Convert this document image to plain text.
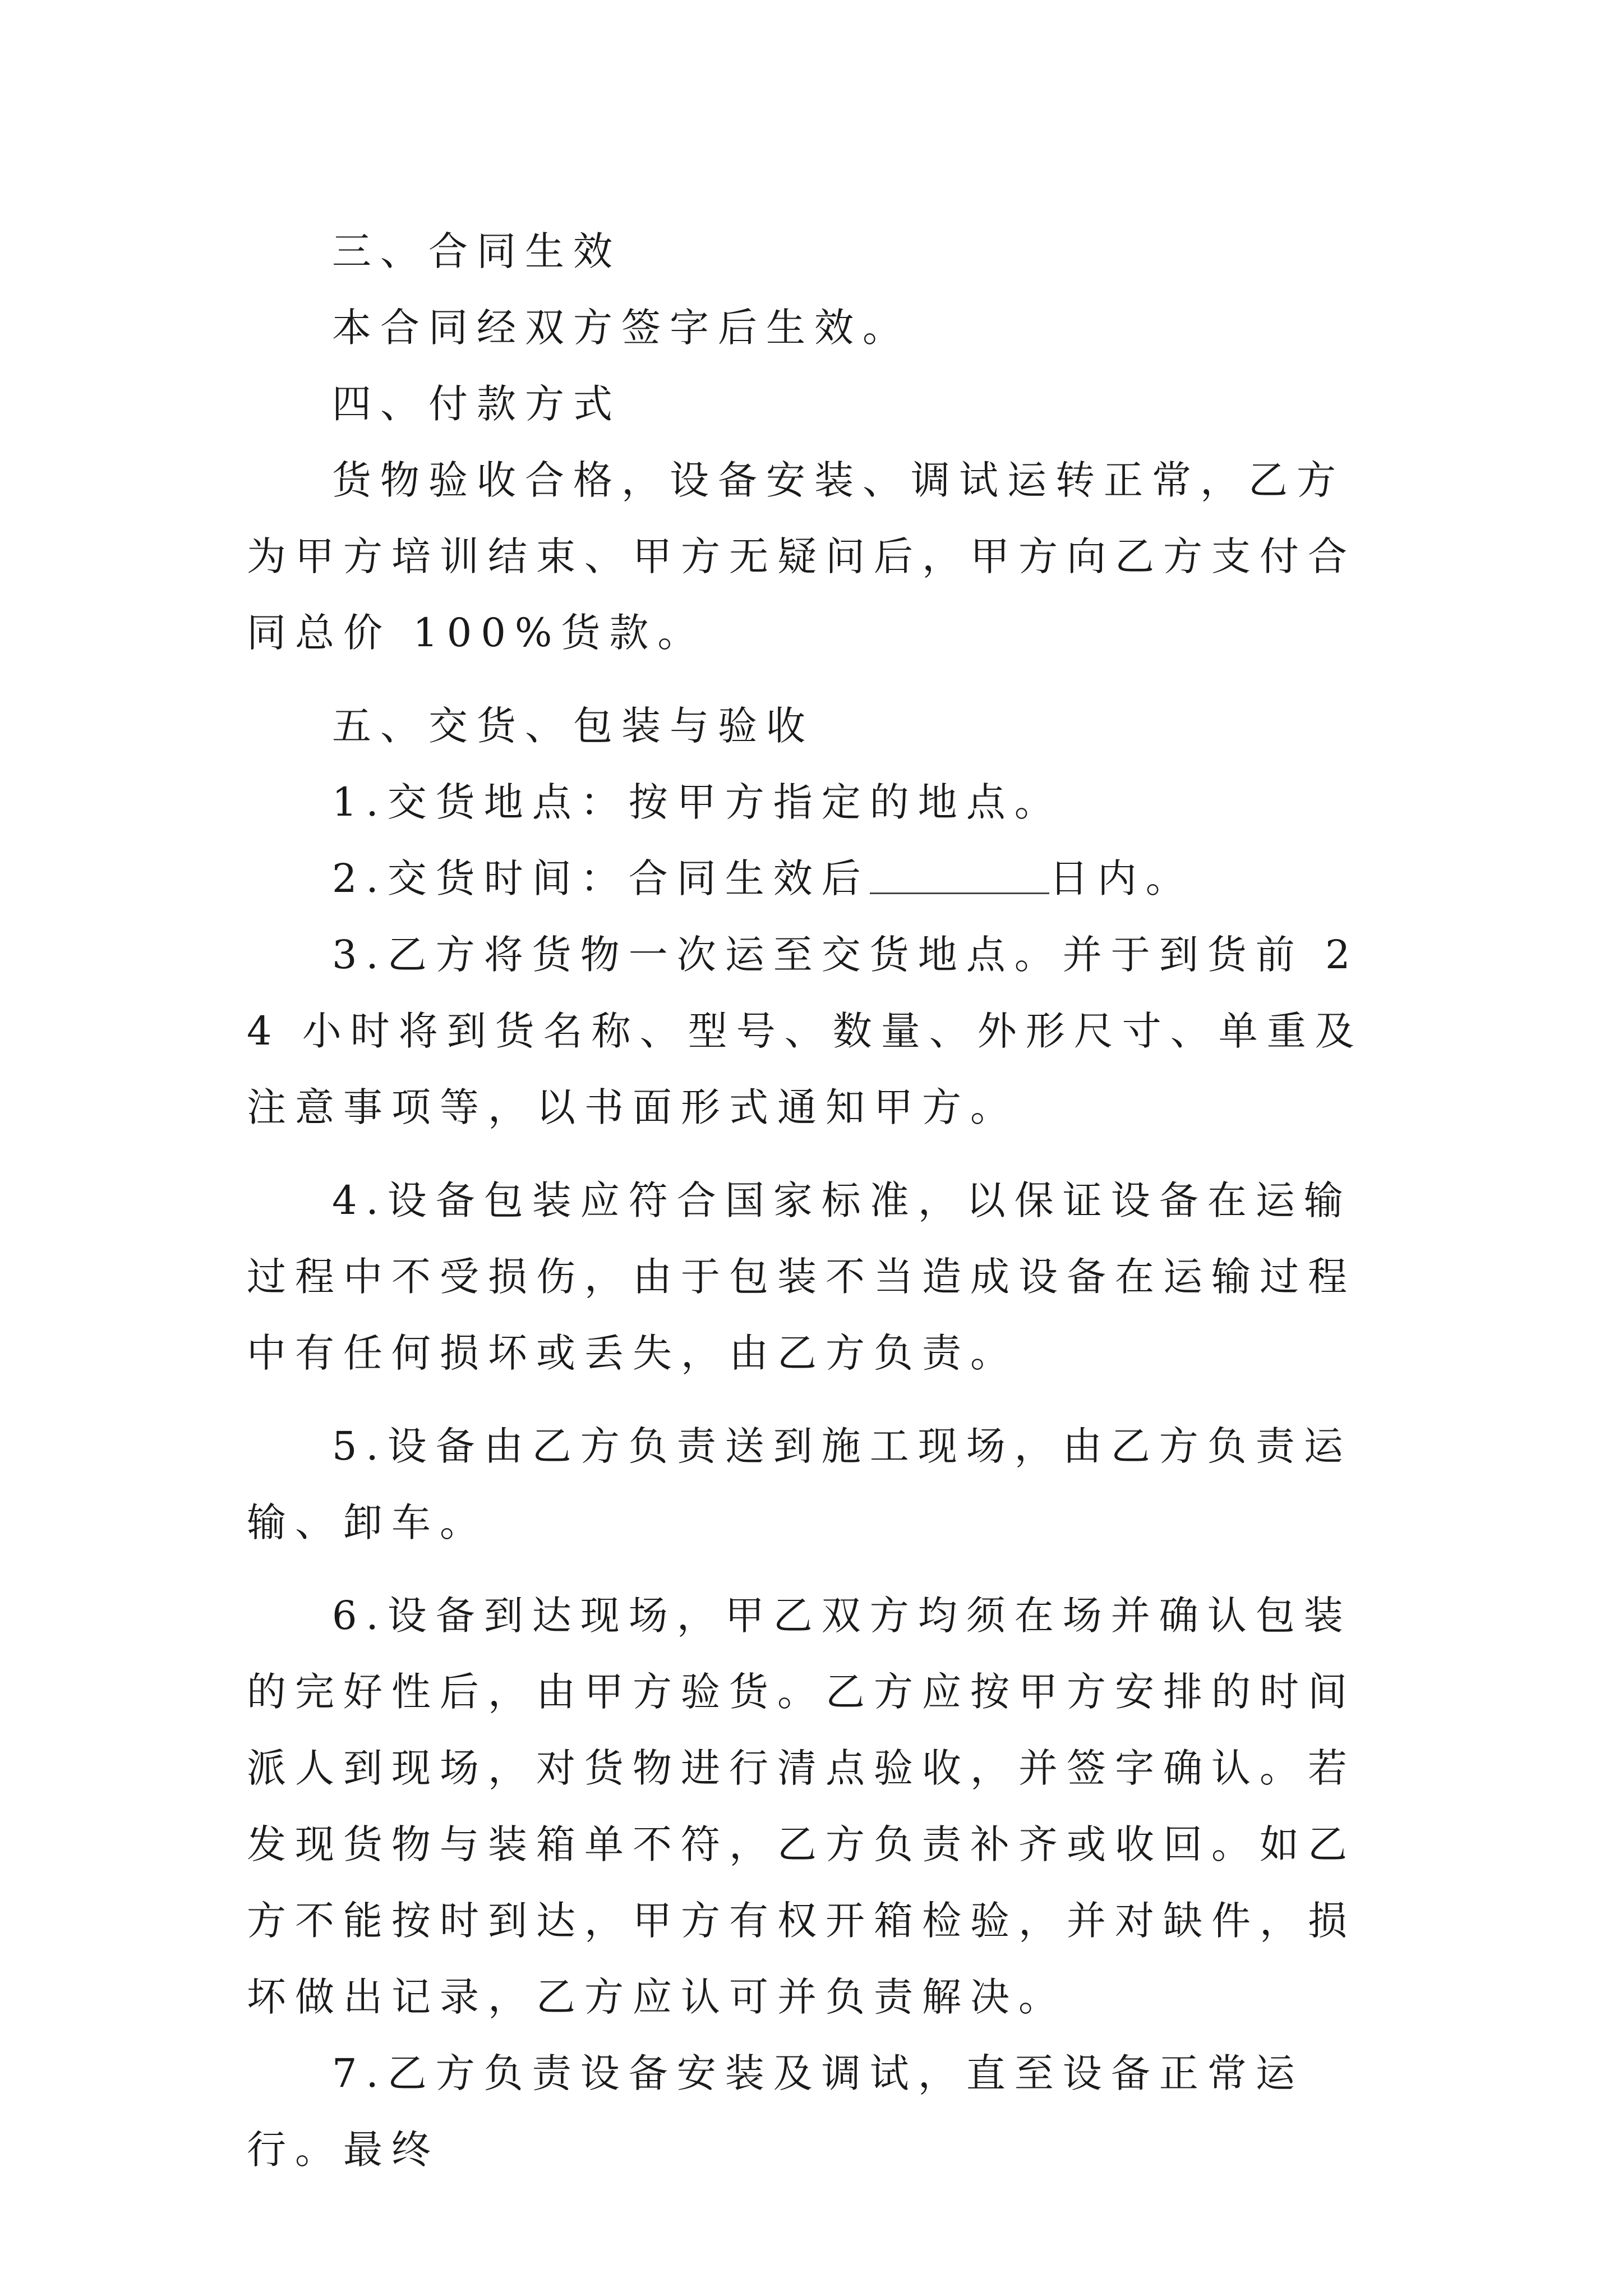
三、合同生效

本合同经双方签字后生效。

四、付款方式

货物验收合格，设备安装、调试运转正常，乙方为甲方培训结束、甲方无疑问后，甲方向乙方支付合同总价 100%货款。

五、交货、包装与验收

1.交货地点：按甲方指定的地点。

2.交货时间：合同生效后	日内。

3.乙方将货物一次运至交货地点。并于到货前 24 小时将到货名称、型号、数量、外形尺寸、单重及注意事项等，以书面形式通知甲方。

4.设备包装应符合国家标准，以保证设备在运输过程中不受损伤，由于包装不当造成设备在运输过程中有任何损坏或丢失，由乙方负责。

5.设备由乙方负责送到施工现场，由乙方负责运输、卸车。

6.设备到达现场，甲乙双方均须在场并确认包装的完好性后，由甲方验货。乙方应按甲方安排的时间派人到现场，对货物进行清点验收，并签字确认。若发现货物与装箱单不符，乙方负责补齐或收回。如乙方不能按时到达，甲方有权开箱检验，并对缺件，损坏做出记录，乙方应认可并负责解决。

7.乙方负责设备安装及调试，直至设备正常运行。最终
